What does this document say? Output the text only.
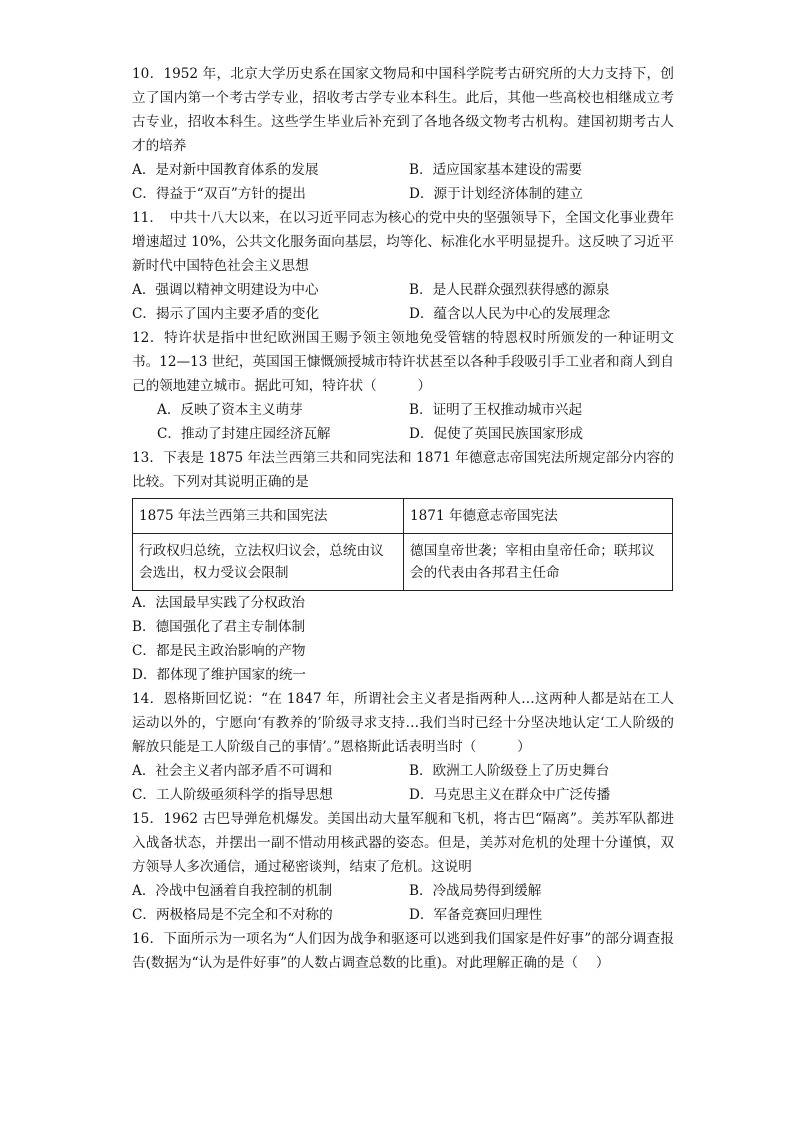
10．1952 年，北京大学历史系在国家文物局和中国科学院考古研究所的大力支持下，创立了国内第一个考古学专业，招收考古学专业本科生。此后，其他一些高校也相继成立考古专业，招收本科生。这些学生毕业后补充到了各地各级文物考古机构。建国初期考古人才的培养

A．是对新中国教育体系的发展	B．适应国家基本建设的需要
C．得益于“双百”方针的提出	D．源于计划经济体制的建立

11．　中共十八大以来，在以习近平同志为核心的党中央的坚强领导下，全国文化事业费年增速超过 10%，公共文化服务面向基层，均等化、标准化水平明显提升。这反映了习近平新时代中国特色社会主义思想

A．强调以精神文明建设为中心	B．是人民群众强烈获得感的源泉
C．揭示了国内主要矛盾的变化	D．蕴含以人民为中心的发展理念

12．特许状是指中世纪欧洲国王赐予领主领地免受管辖的特恩权时所颁发的一种证明文书。12—13 世纪，英国国王慷慨颁授城市特许状甚至以各种手段吸引手工业者和商人到自己的领地建立城市。据此可知，特许状（　　　）

A．反映了资本主义萌芽	B．证明了王权推动城市兴起
C．推动了封建庄园经济瓦解	D．促使了英国民族国家形成

13．下表是 1875 年法兰西第三共和同宪法和 1871 年德意志帝国宪法所规定部分内容的比较。下列对其说明正确的是

1875 年法兰西第三共和国宪法	1871 年德意志帝国宪法
行政权归总统，立法权归议会，总统由议会选出，权力受议会限制	德国皇帝世袭；宰相由皇帝任命；联邦议会的代表由各邦君主任命
A．法国最早实践了分权政治
B．德国强化了君主专制体制
C．都是民主政治影响的产物
D．都体现了维护国家的统一

14．恩格斯回忆说：“在 1847 年，所谓社会主义者是指两种人…这两种人都是站在工人运动以外的，宁愿向‘有教养的’阶级寻求支持…我们当时已经十分坚决地认定‘工人阶级的解放只能是工人阶级自己的事情’。”恩格斯此话表明当时（　　　）

A．社会主义者内部矛盾不可调和	B．欧洲工人阶级登上了历史舞台
C．工人阶级亟须科学的指导思想	D．马克思主义在群众中广泛传播

15．1962 古巴导弹危机爆发。美国出动大量军舰和飞机，将古巴“隔离”。美苏军队都进入战备状态，并摆出一副不惜动用核武器的姿态。但是，美苏对危机的处理十分谨慎，双方领导人多次通信，通过秘密谈判，结束了危机。这说明

A．冷战中包涵着自我控制的机制	B．冷战局势得到缓解
C．两极格局是不完全和不对称的	D．军备竞赛回归理性

16．下面所示为一项名为“人们因为战争和驱逐可以逃到我们国家是件好事”的部分调查报告(数据为“认为是件好事”的人数占调查总数的比重)。对此理解正确的是（　 ）
